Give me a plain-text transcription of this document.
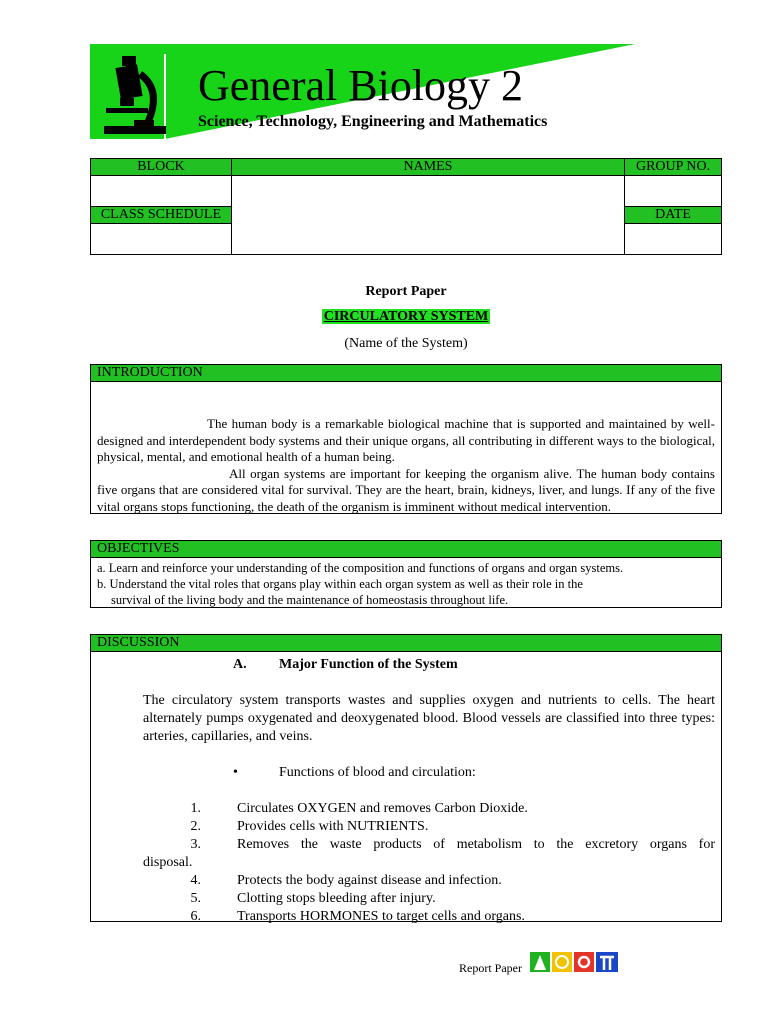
General Biology 2
Science, Technology, Engineering and Mathematics
BLOCK	NAMES	GROUP NO.

CLASS SCHEDULE		DATE

Report Paper
CIRCULATORY SYSTEM
(Name of the System)
INTRODUCTION

The human body is a remarkable biological machine that is supported and maintained by well-designed and interdependent body systems and their unique organs, all contributing in different ways to the biological, physical, mental, and emotional health of a human being.

All organ systems are important for keeping the organism alive. The human body contains five organs that are considered vital for survival. They are the heart, brain, kidneys, liver, and lungs. If any of the five vital organs stops functioning, the death of the organism is imminent without medical intervention.

OBJECTIVES
a. Learn and reinforce your understanding of the composition and functions of organs and organ systems.
b. Understand the vital roles that organs play within each organ system as well as their role in the
survival of the living body and the maintenance of homeostasis throughout life.
DISCUSSION
A. Major Function of the System
The circulatory system transports wastes and supplies oxygen and nutrients to cells. The heart alternately pumps oxygenated and deoxygenated blood. Blood vessels are classified into three types: arteries, capillaries, and veins.
•	Functions of blood and circulation:
1.	Circulates OXYGEN and removes Carbon Dioxide.
2.	Provides cells with NUTRIENTS.
3.	Removes the waste products of metabolism to the excretory organs for
disposal.
4.	Protects the body against disease and infection.
5.	Clotting stops bleeding after injury.
6.	Transports HORMONES to target cells and organs.
Report Paper
